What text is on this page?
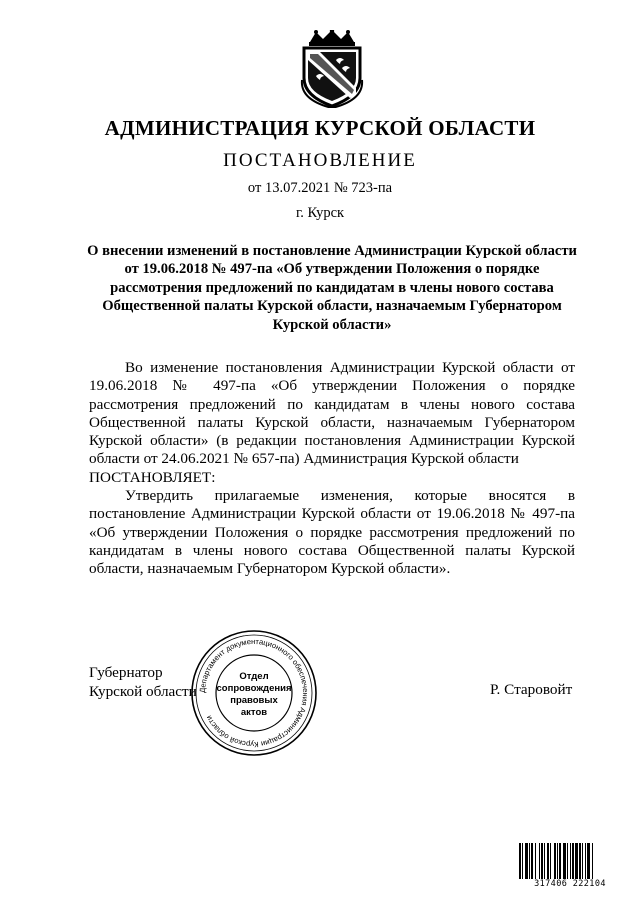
АДМИНИСТРАЦИЯ КУРСКОЙ ОБЛАСТИ
ПОСТАНОВЛЕНИЕ
от 13.07.2021 № 723-па
г. Курск
О внесении изменений в постановление Администрации Курской области от 19.06.2018 № 497-па «Об утверждении Положения о порядке рассмотрения предложений по кандидатам в члены нового состава Общественной палаты Курской области, назначаемым Губернатором Курской области»

Во изменение постановления Администрации Курской области от 19.06.2018 № 497-па «Об утверждении Положения о порядке рассмотрения предложений по кандидатам в члены нового состава Общественной палаты Курской области, назначаемым Губернатором Курской области» (в редакции постановления Администрации Курской области от 24.06.2021 № 657-па) Администрация Курской области

ПОСТАНОВЛЯЕТ:

Утвердить прилагаемые изменения, которые вносятся в постановление Администрации Курской области от 19.06.2018 № 497-па «Об утверждении Положения о порядке рассмотрения предложений по кандидатам в члены нового состава Общественной палаты Курской области, назначаемым Губернатором Курской области».

Губернатор
Курской области	Р. Старовойт
Департамент документационного обеспечения Администрации Курской области
Отдел
сопровождения
правовых
актов
317406 222104
